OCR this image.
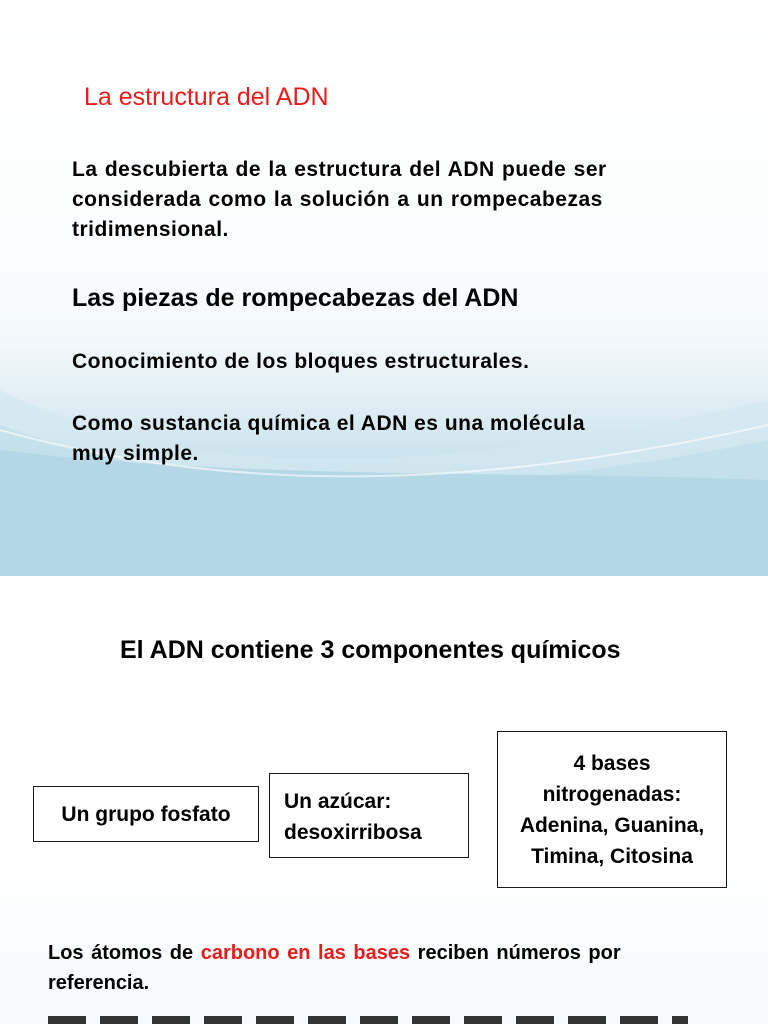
La estructura del ADN
La descubierta de la estructura del ADN puede ser
considerada como la solución a un rompecabezas
tridimensional.
Las piezas de rompecabezas del ADN
Conocimiento de los bloques estructurales.
Como sustancia química el ADN es una molécula
muy simple.
El ADN contiene 3 componentes químicos
Un grupo fosfato
Un azúcar:
desoxirribosa
4 bases
nitrogenadas:
Adenina, Guanina,
Timina, Citosina
Los átomos de carbono en las bases reciben números por referencia.
